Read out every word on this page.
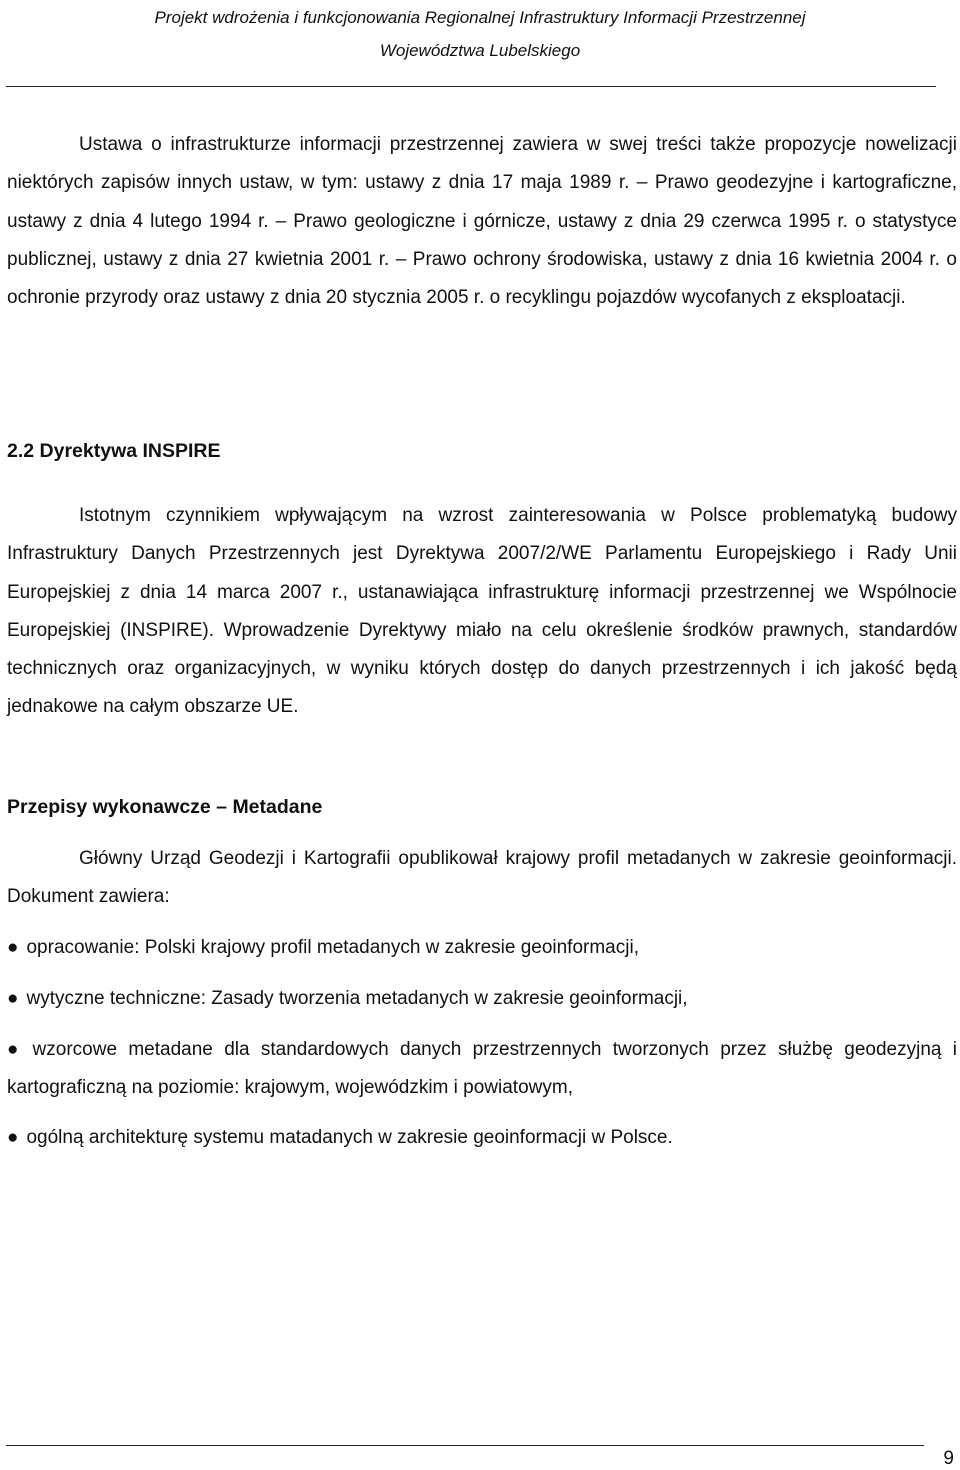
Projekt wdrożenia i funkcjonowania Regionalnej Infrastruktury Informacji Przestrzennej
Województwa Lubelskiego

Ustawa o infrastrukturze informacji przestrzennej zawiera w swej treści także propozycje nowelizacji niektórych zapisów innych ustaw, w tym: ustawy z dnia 17 maja 1989 r. – Prawo geodezyjne i kartograficzne, ustawy z dnia 4 lutego 1994 r. – Prawo geologiczne i górnicze, ustawy z dnia 29 czerwca 1995 r. o statystyce publicznej, ustawy z dnia 27 kwietnia 2001 r. – Prawo ochrony środowiska, ustawy z dnia 16 kwietnia 2004 r. o ochronie przyrody oraz ustawy z dnia 20 stycznia 2005 r. o recyklingu pojazdów wycofanych z eksploatacji.

2.2 Dyrektywa INSPIRE

Istotnym czynnikiem wpływającym na wzrost zainteresowania w Polsce problematyką budowy Infrastruktury Danych Przestrzennych jest Dyrektywa 2007/2/WE Parlamentu Europejskiego i Rady Unii Europejskiej z dnia 14 marca 2007 r., ustanawiająca infrastrukturę informacji przestrzennej we Wspólnocie Europejskiej (INSPIRE). Wprowadzenie Dyrektywy miało na celu określenie środków prawnych, standardów technicznych oraz organizacyjnych, w wyniku których dostęp do danych przestrzennych i ich jakość będą jednakowe na całym obszarze UE.

Przepisy wykonawcze – Metadane

Główny Urząd Geodezji i Kartografii opublikował krajowy profil metadanych w zakresie geoinformacji. Dokument zawiera:

● opracowanie: Polski krajowy profil metadanych w zakresie geoinformacji,

● wytyczne techniczne: Zasady tworzenia metadanych w zakresie geoinformacji,

● wzorcowe metadane dla standardowych danych przestrzennych tworzonych przez służbę geodezyjną i kartograficzną na poziomie: krajowym, wojewódzkim i powiatowym,

● ogólną architekturę systemu matadanych w zakresie geoinformacji w Polsce.

9
